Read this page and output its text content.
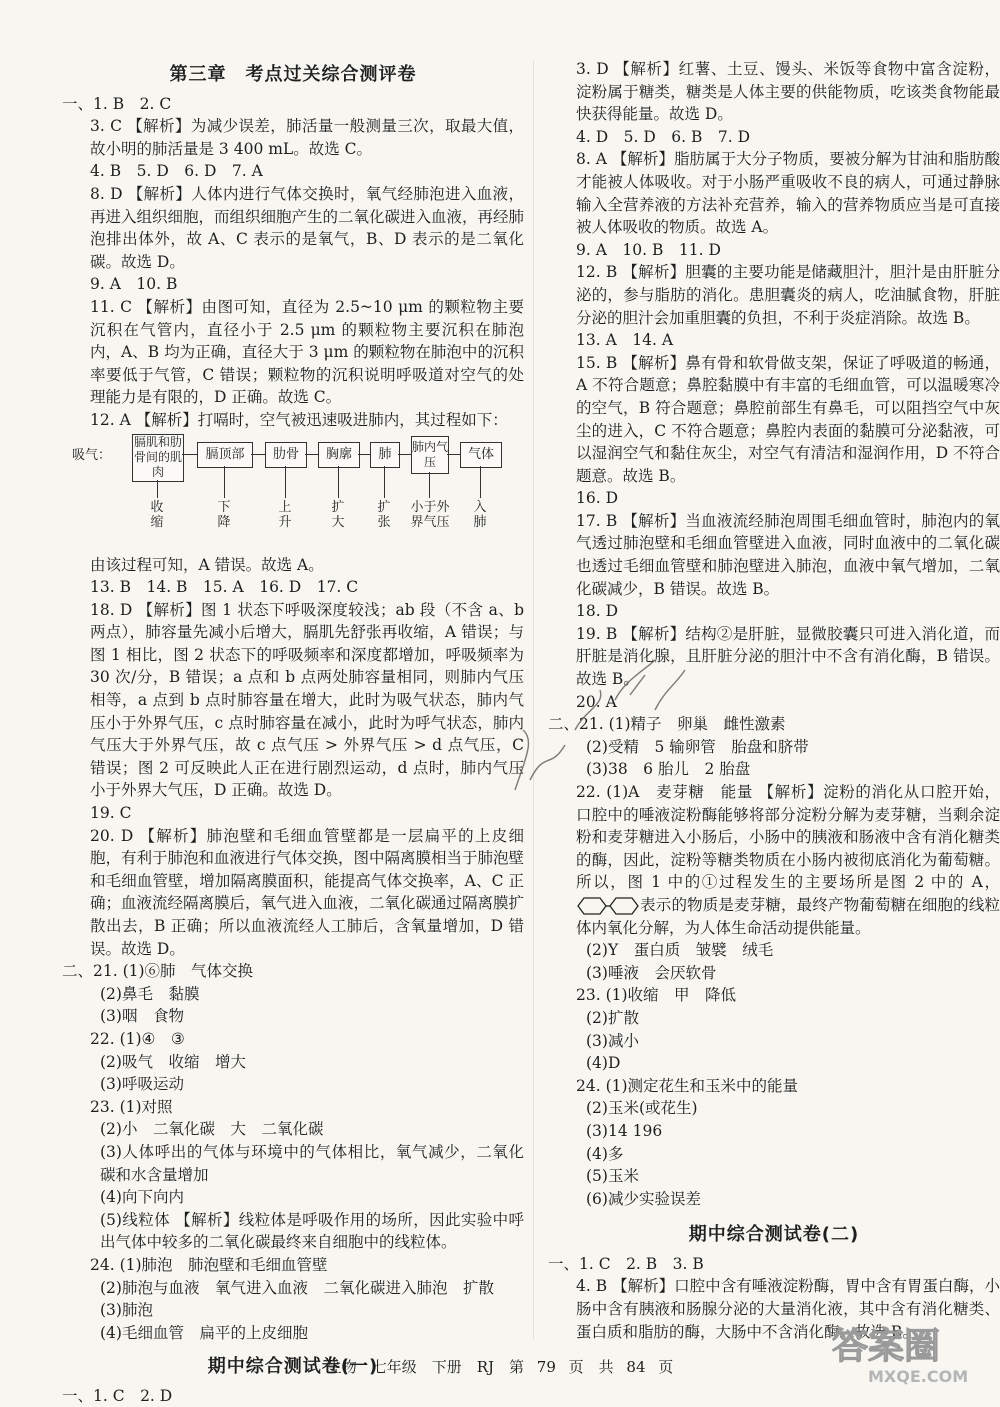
第三章　考点过关综合测评卷

一、1. B　2. C

3. C 【解析】为减少误差，肺活量一般测量三次，取最大值，故小明的肺活量是 3 400 mL。故选 C。

4. B　5. D　6. D　7. A

8. D 【解析】人体内进行气体交换时，氧气经肺泡进入血液，再进入组织细胞，而组织细胞产生的二氧化碳进入血液，再经肺泡排出体外，故 A、C 表示的是氧气，B、D 表示的是二氧化碳。故选 D。

9. A　10. B

11. C 【解析】由图可知，直径为 2.5~10 μm 的颗粒物主要沉积在气管内，直径小于 2.5 μm 的颗粒物主要沉积在肺泡内，A、B 均为正确，直径大于 3 μm 的颗粒物在肺泡中的沉积率要低于气管，C 错误；颗粒物的沉积说明呼吸道对空气的处理能力是有限的，D 正确。故选 C。

12. A 【解析】打嗝时，空气被迅速吸进肺内，其过程如下：

吸气：
膈肌和肋骨间的肌肉
膈顶部	肋骨	胸廓	肺
肺内气压	气体
收缩
下降
上升
扩大
扩张
小于外界气压
入肺

由该过程可知，A 错误。故选 A。

13. B　14. B　15. A　16. D　17. C

18. D 【解析】图 1 状态下呼吸深度较浅；ab 段（不含 a、b 两点），肺容量先减小后增大，膈肌先舒张再收缩，A 错误；与图 1 相比，图 2 状态下的呼吸频率和深度都增加，呼吸频率为 30 次/分，B 错误；a 点和 b 点两处肺容量相同，则肺内气压相等，a 点到 b 点时肺容量在增大，此时为吸气状态，肺内气压小于外界气压，c 点时肺容量在减小，此时为呼气状态，肺内气压大于外界气压，故 c 点气压 > 外界气压 > d 点气压，C 错误；图 2 可反映此人正在进行剧烈运动，d 点时，肺内气压小于外界大气压，D 正确。故选 D。

19. C

20. D 【解析】肺泡壁和毛细血管壁都是一层扁平的上皮细胞，有利于肺泡和血液进行气体交换，图中隔离膜相当于肺泡壁和毛细血管壁，增加隔离膜面积，能提高气体交换率，A、C 正确；血液流经隔离膜后，氧气进入血液，二氧化碳通过隔离膜扩散出去，B 正确；所以血液流经人工肺后，含氧量增加，D 错误。故选 D。

二、21. (1)⑥肺　气体交换

(2)鼻毛　黏膜

(3)咽　食物

22. (1)④　③

(2)吸气　收缩　增大

(3)呼吸运动

23. (1)对照

(2)小　二氧化碳　大　二氧化碳

(3)人体呼出的气体与环境中的气体相比，氧气减少，二氧化碳和水含量增加

(4)向下向内

(5)线粒体 【解析】线粒体是呼吸作用的场所，因此实验中呼出气体中较多的二氧化碳最终来自细胞中的线粒体。

24. (1)肺泡　肺泡壁和毛细血管壁

(2)肺泡与血液　氧气进入血液　二氧化碳进入肺泡　扩散

(3)肺泡

(4)毛细血管　扁平的上皮细胞

期中综合测试卷(一)

一、1. C　2. D

3. D 【解析】红薯、土豆、馒头、米饭等食物中富含淀粉，淀粉属于糖类，糖类是人体主要的供能物质，吃该类食物能最快获得能量。故选 D。

4. D　5. D　6. B　7. D

8. A 【解析】脂肪属于大分子物质，要被分解为甘油和脂肪酸才能被人体吸收。对于小肠严重吸收不良的病人，可通过静脉输入全营养液的方法补充营养，输入的营养物质应当是可直接被人体吸收的物质。故选 A。

9. A　10. B　11. D

12. B 【解析】胆囊的主要功能是储藏胆汁，胆汁是由肝脏分泌的，参与脂肪的消化。患胆囊炎的病人，吃油腻食物，肝脏分泌的胆汁会加重胆囊的负担，不利于炎症消除。故选 B。

13. A　14. A

15. B 【解析】鼻有骨和软骨做支架，保证了呼吸道的畅通，A 不符合题意；鼻腔黏膜中有丰富的毛细血管，可以温暖寒冷的空气，B 符合题意；鼻腔前部生有鼻毛，可以阻挡空气中灰尘的进入，C 不符合题意；鼻腔内表面的黏膜可分泌黏液，可以湿润空气和黏住灰尘，对空气有清洁和湿润作用，D 不符合题意。故选 B。

16. D

17. B 【解析】当血液流经肺泡周围毛细血管时，肺泡内的氧气透过肺泡壁和毛细血管壁进入血液，同时血液中的二氧化碳也透过毛细血管壁和肺泡壁进入肺泡，血液中氧气增加，二氧化碳减少，B 错误。故选 B。

18. D

19. B 【解析】结构②是肝脏，显微胶囊只可进入消化道，而肝脏是消化腺，且肝脏分泌的胆汁中不含有消化酶，B 错误。故选 B。

20. A

二、21. (1)精子　卵巢　雌性激素

(2)受精　5 输卵管　胎盘和脐带

(3)38　6 胎儿　2 胎盘

22. (1)A　麦芽糖　能量 【解析】淀粉的消化从口腔开始，口腔中的唾液淀粉酶能够将部分淀粉分解为麦芽糖，当剩余淀粉和麦芽糖进入小肠后，小肠中的胰液和肠液中含有消化糖类的酶，因此，淀粉等糖类物质在小肠内被彻底消化为葡萄糖。所以，图 1 中的①过程发生的主要场所是图 2 中的 A，
表示的物质是麦芽糖，最终产物葡萄糖在细胞的线粒体内氧化分解，为人体生命活动提供能量。

(2)Y　蛋白质　皱襞　绒毛

(3)唾液　会厌软骨

23. (1)收缩　甲　降低

(2)扩散

(3)减小

(4)D

24. (1)测定花生和玉米中的能量

(2)玉米(或花生)

(3)14 196

(4)多

(5)玉米

(6)减少实验误差

期中综合测试卷(二)

一、1. C　2. B　3. B

4. B 【解析】口腔中含有唾液淀粉酶，胃中含有胃蛋白酶，小肠中含有胰液和肠腺分泌的大量消化液，其中含有消化糖类、蛋白质和脂肪的酶，大肠中不含消化酶。故选 B。

答案圈
MXQE.COM
生物　七年级　下册　RJ　第 79 页　共 84 页
